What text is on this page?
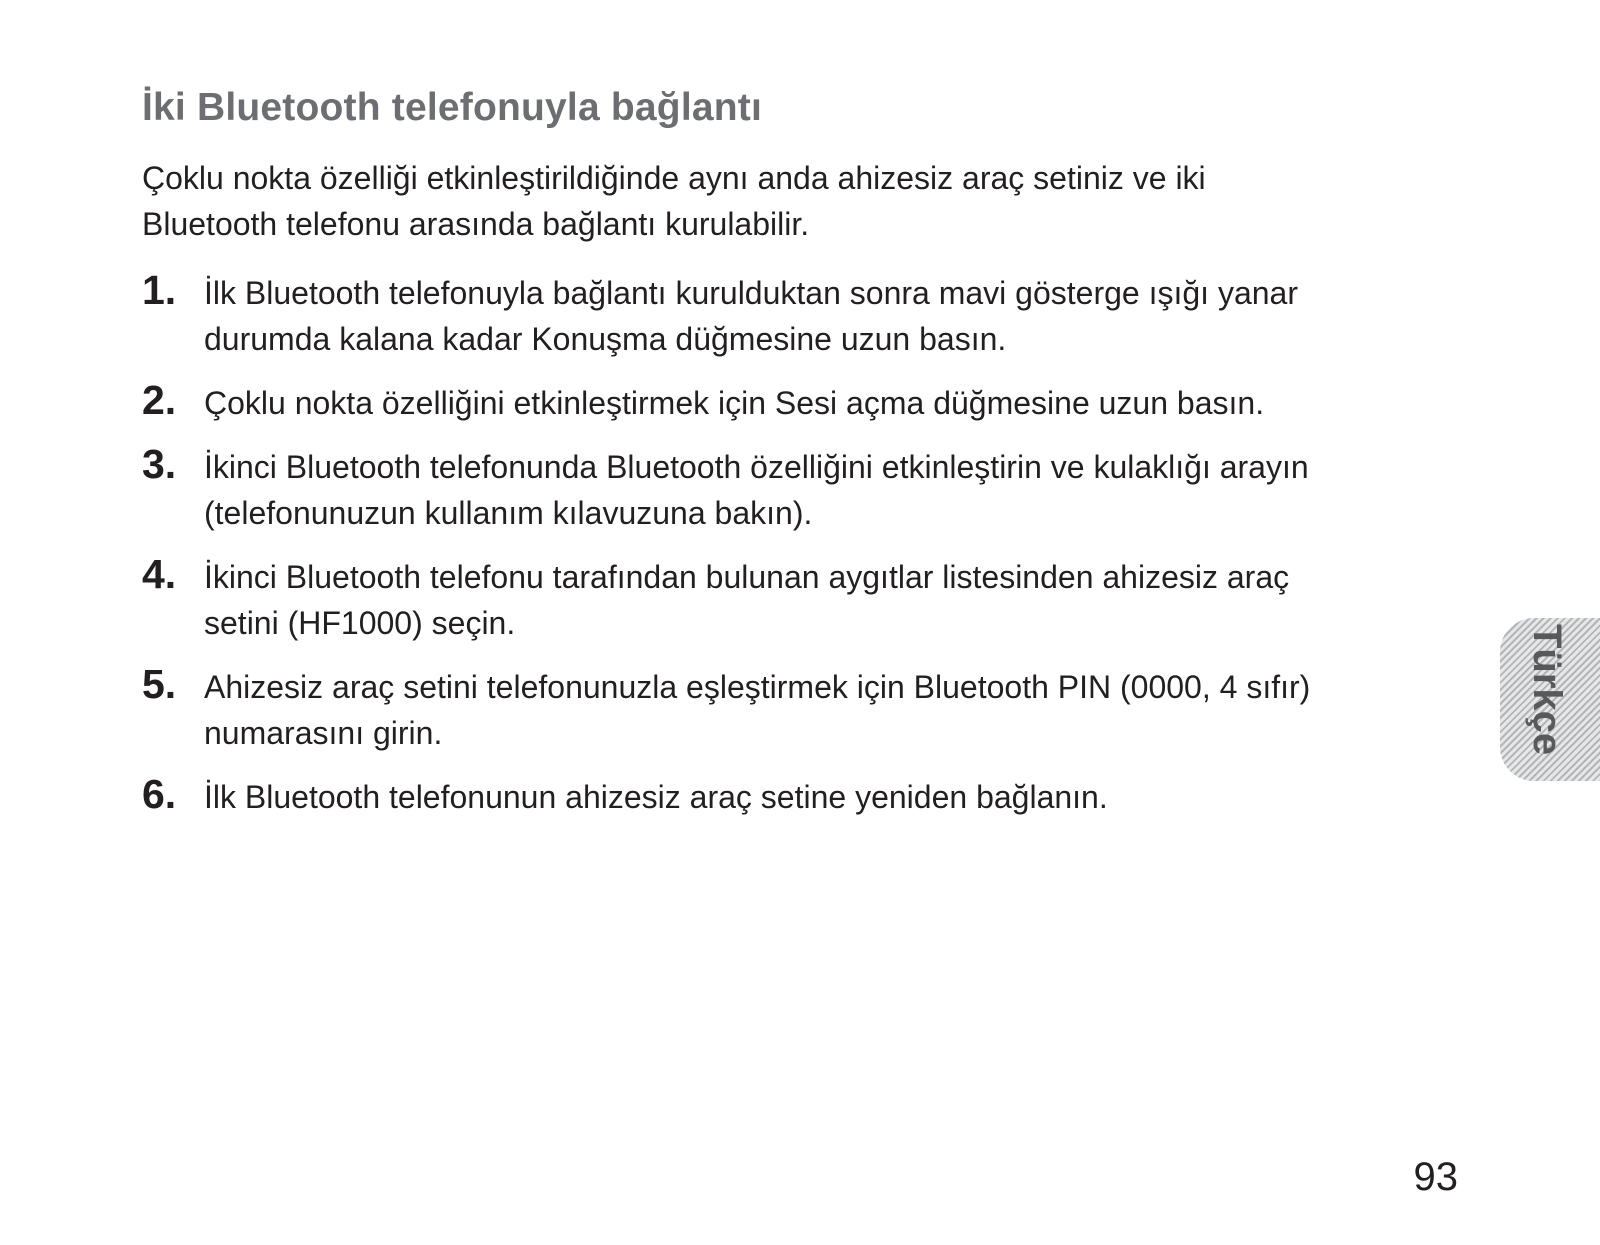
İki Bluetooth telefonuyla bağlantı

Çoklu nokta özelliği etkinleştirildiğinde aynı anda ahizesiz araç setiniz ve iki
Bluetooth telefonu arasında bağlantı kurulabilir.

1. İlk Bluetooth telefonuyla bağlantı kurulduktan sonra mavi gösterge ışığı yanar
durumda kalana kadar Konuşma düğmesine uzun basın.
2. Çoklu nokta özelliğini etkinleştirmek için Sesi açma düğmesine uzun basın.
3. İkinci Bluetooth telefonunda Bluetooth özelliğini etkinleştirin ve kulaklığı arayın
(telefonunuzun kullanım kılavuzuna bakın).
4. İkinci Bluetooth telefonu tarafından bulunan aygıtlar listesinden ahizesiz araç
setini (HF1000) seçin.
5. Ahizesiz araç setini telefonunuzla eşleştirmek için Bluetooth PIN (0000, 4 sıfır)
numarasını girin.
6. İlk Bluetooth telefonunun ahizesiz araç setine yeniden bağlanın.
Türkçe
93
